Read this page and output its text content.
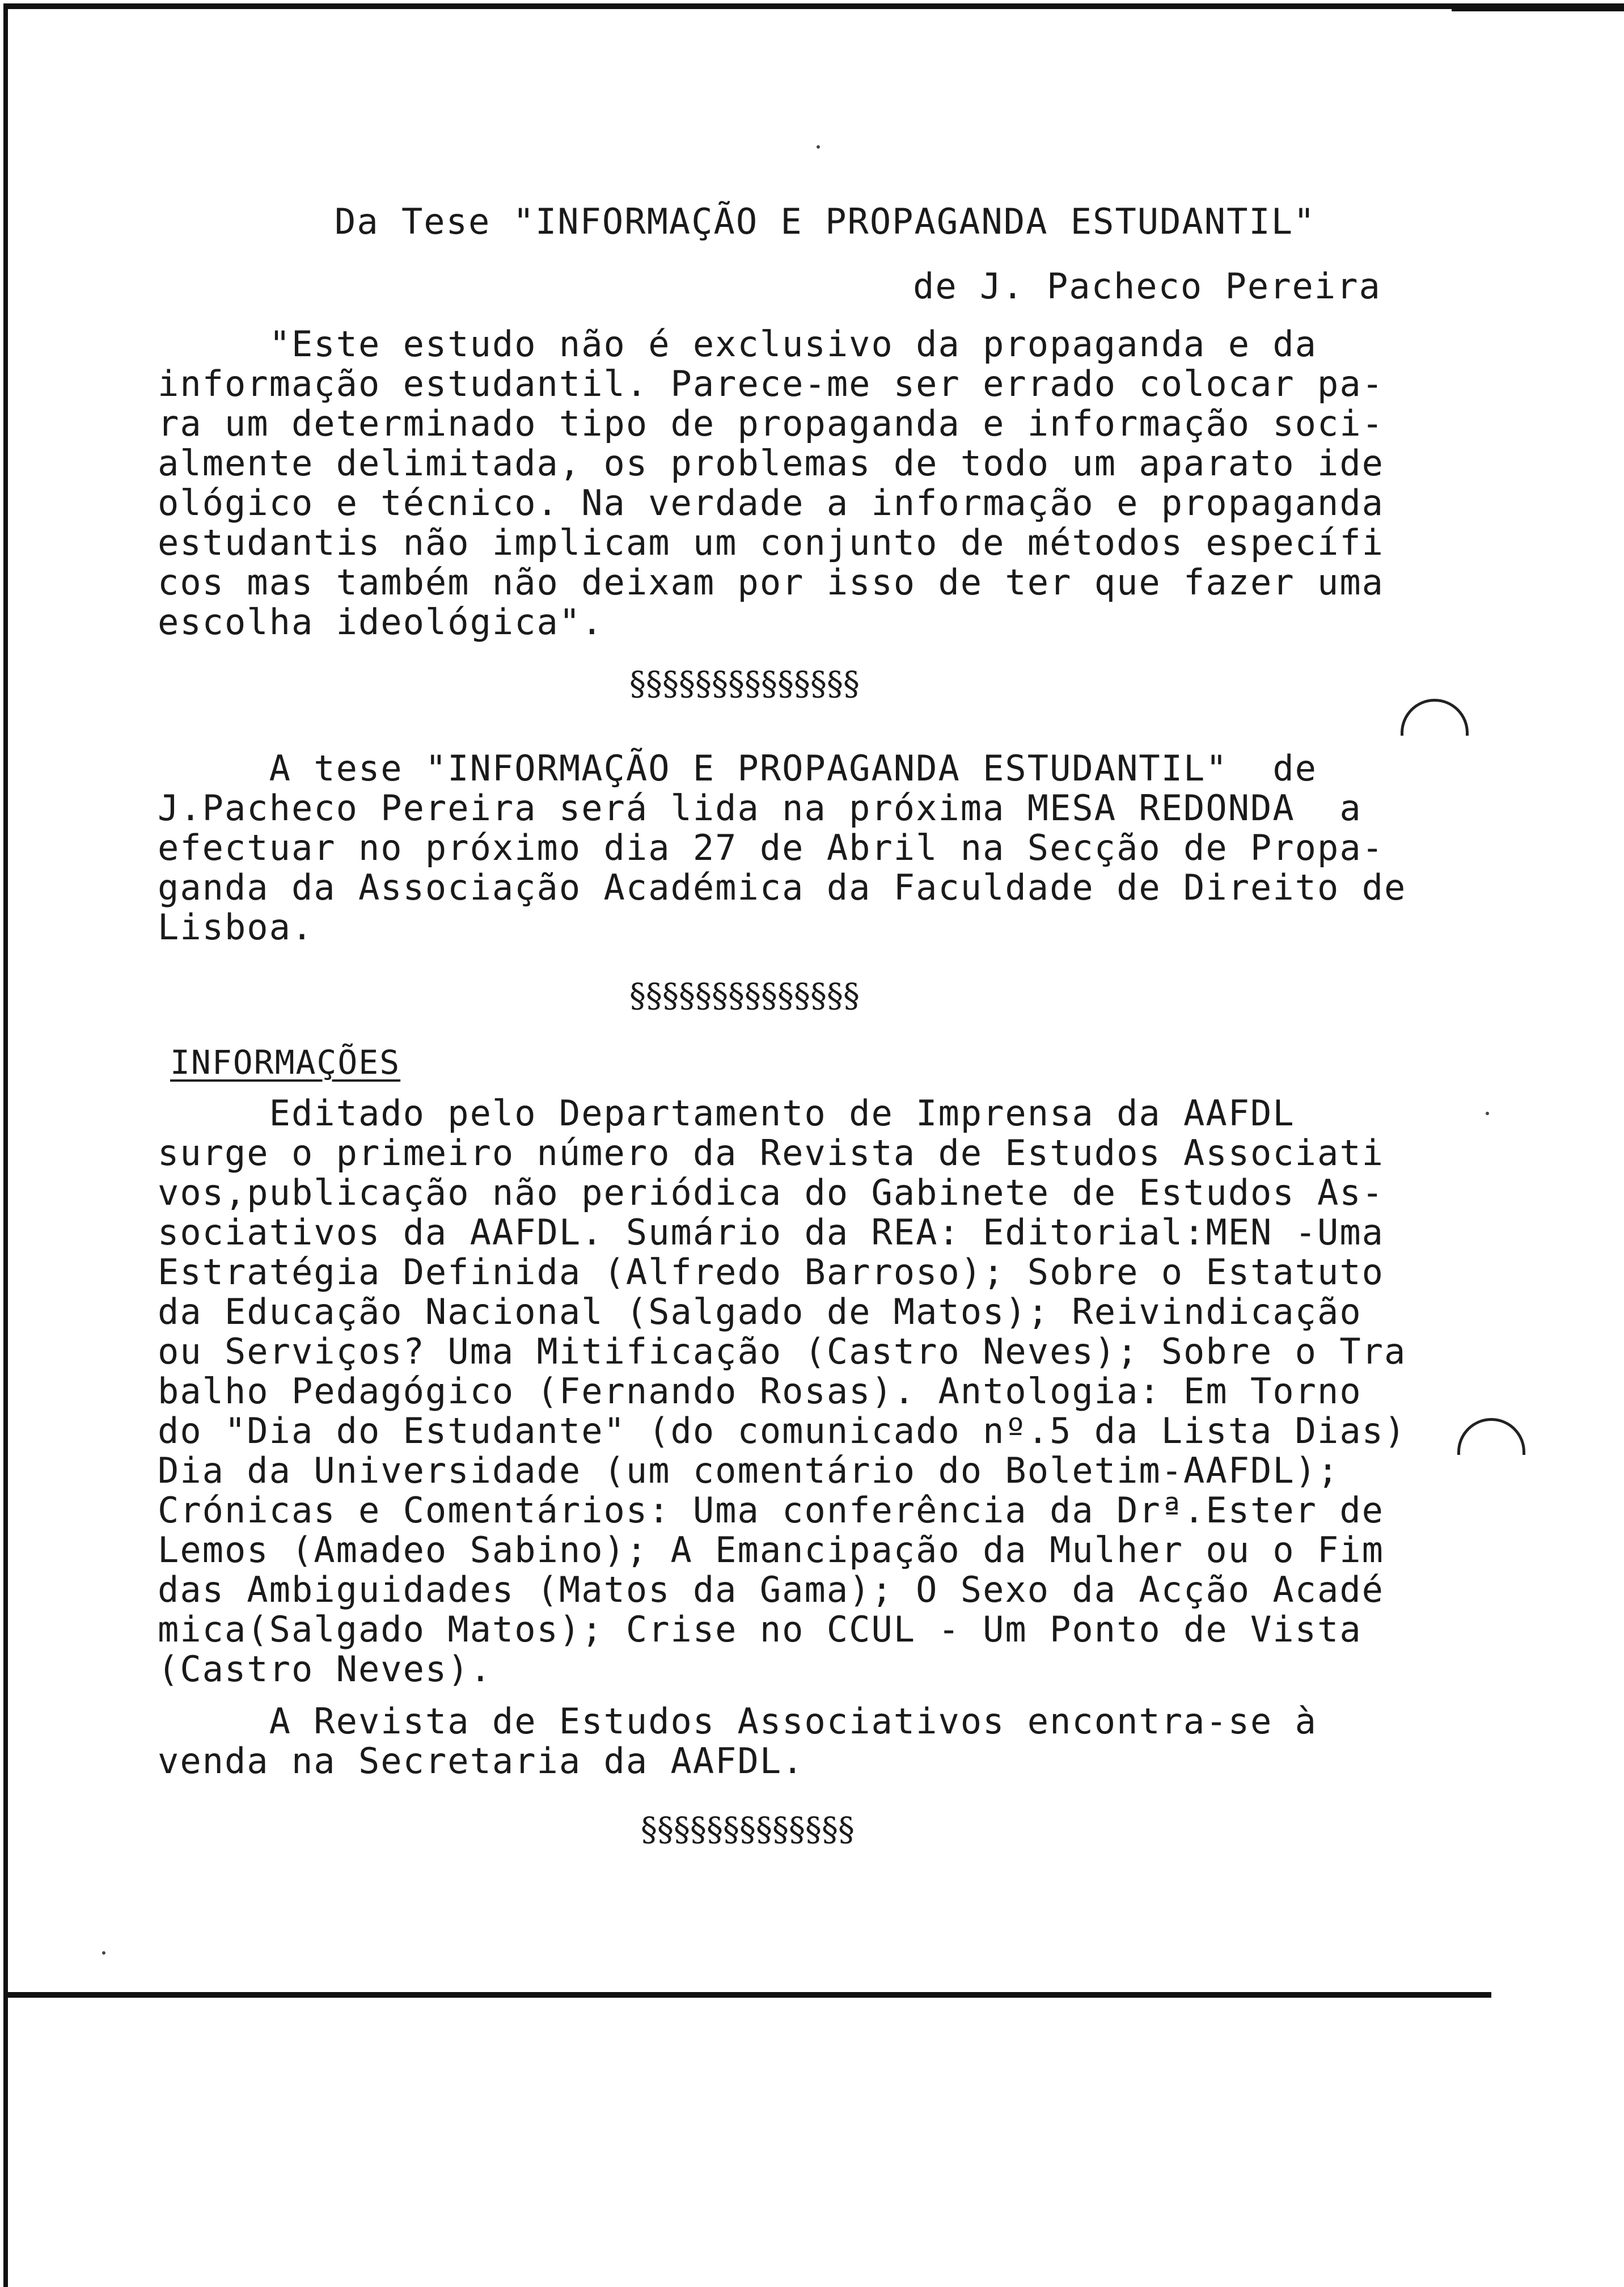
Da Tese "INFORMAÇÃO E PROPAGANDA ESTUDANTIL"
de J. Pacheco Pereira
"Este estudo não é exclusivo da propaganda e da
informação estudantil. Parece-me ser errado colocar pa-
ra um determinado tipo de propaganda e informação soci-
almente delimitada, os problemas de todo um aparato ide
ológico e técnico. Na verdade a informação e propaganda
estudantis não implicam um conjunto de métodos específi
cos mas também não deixam por isso de ter que fazer uma
escolha ideológica".
§§§§§§§§§§§§§§
A tese "INFORMAÇÃO E PROPAGANDA ESTUDANTIL"  de
J.Pacheco Pereira será lida na próxima MESA REDONDA  a
efectuar no próximo dia 27 de Abril na Secção de Propa-
ganda da Associação Académica da Faculdade de Direito de
Lisboa.
§§§§§§§§§§§§§§
INFORMAÇÕES
Editado pelo Departamento de Imprensa da AAFDL
surge o primeiro número da Revista de Estudos Associati
vos,publicação não periódica do Gabinete de Estudos As-
sociativos da AAFDL. Sumário da REA: Editorial:MEN -Uma
Estratégia Definida (Alfredo Barroso); Sobre o Estatuto
da Educação Nacional (Salgado de Matos); Reivindicação
ou Serviços? Uma Mitificação (Castro Neves); Sobre o Tra
balho Pedagógico (Fernando Rosas). Antologia: Em Torno
do "Dia do Estudante" (do comunicado nº.5 da Lista Dias)
Dia da Universidade (um comentário do Boletim-AAFDL);
Crónicas e Comentários: Uma conferência da Drª.Ester de
Lemos (Amadeo Sabino); A Emancipação da Mulher ou o Fim
das Ambiguidades (Matos da Gama); O Sexo da Acção Acadé
mica(Salgado Matos); Crise no CCUL - Um Ponto de Vista
(Castro Neves).
A Revista de Estudos Associativos encontra-se à
venda na Secretaria da AAFDL.
§§§§§§§§§§§§§
